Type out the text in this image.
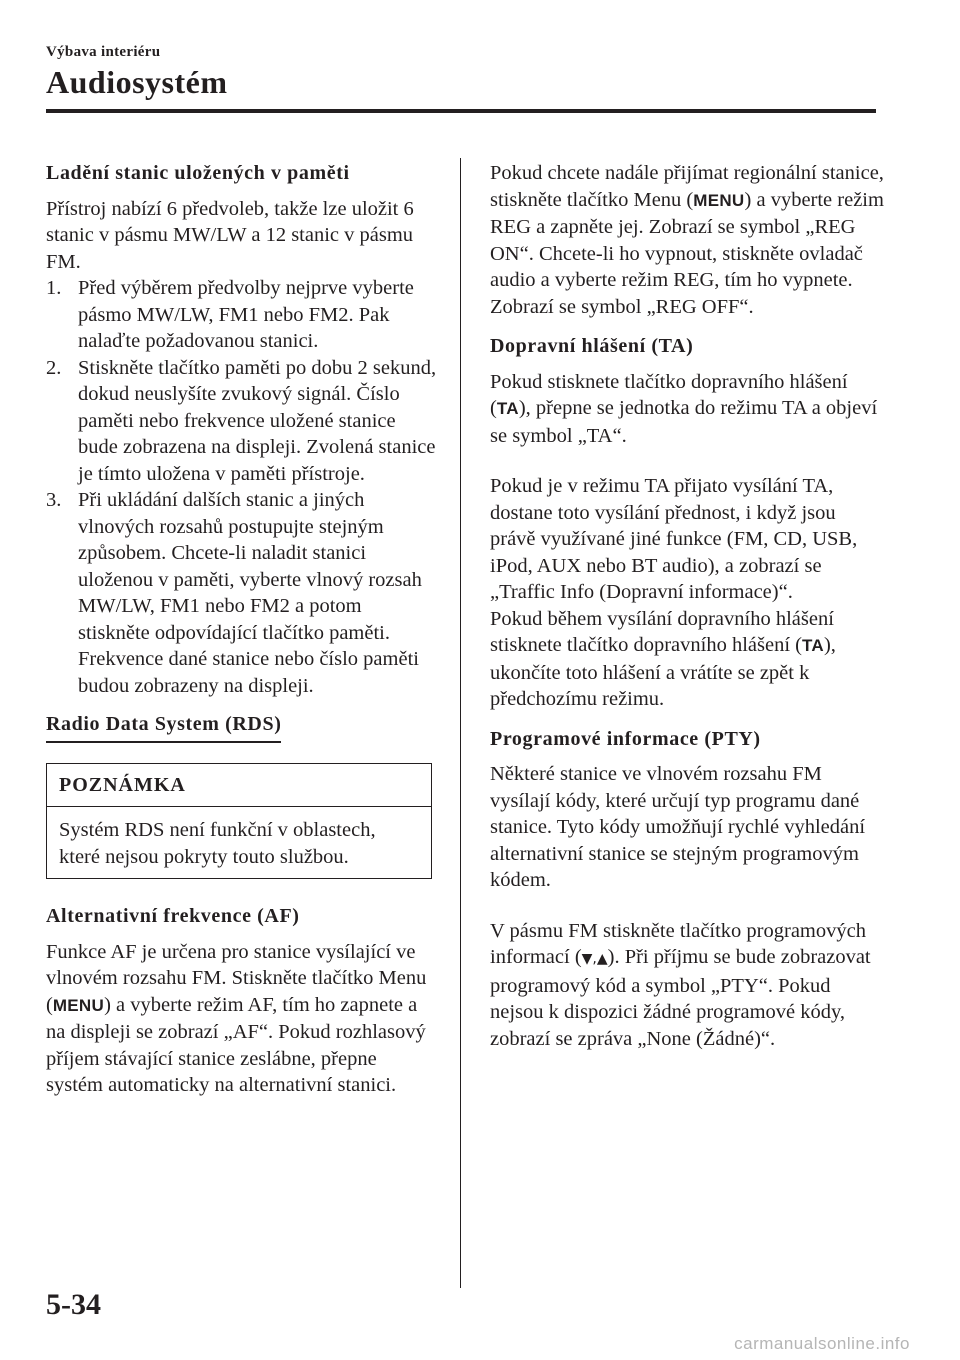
Výbava interiéru
Audiosystém

Ladění stanic uložených v paměti

Přístroj nabízí 6 předvoleb, takže lze uložit 6 stanic v pásmu MW/LW a 12 stanic v pásmu FM.

1. Před výběrem předvolby nejprve vyberte pásmo MW/LW, FM1 nebo FM2. Pak nalaďte požadovanou stanici.
2. Stiskněte tlačítko paměti po dobu 2 sekund, dokud neuslyšíte zvukový signál. Číslo paměti nebo frekvence uložené stanice bude zobrazena na displeji. Zvolená stanice je tímto uložena v paměti přístroje.
3. Při ukládání dalších stanic a jiných vlnových rozsahů postupujte stejným způsobem. Chcete-li naladit stanici uloženou v paměti, vyberte vlnový rozsah MW/LW, FM1 nebo FM2 a potom stiskněte odpovídající tlačítko paměti. Frekvence dané stanice nebo číslo paměti budou zobrazeny na displeji.
Radio Data System (RDS)
POZNÁMKA
Systém RDS není funkční v oblastech, které nejsou pokryty touto službou.

Alternativní frekvence (AF)

Funkce AF je určena pro stanice vysílající ve vlnovém rozsahu FM. Stiskněte tlačítko Menu (MENU) a vyberte režim AF, tím ho zapnete a na displeji se zobrazí „AF“. Pokud rozhlasový příjem stávající stanice zeslábne, přepne systém automaticky na alternativní stanici.

Pokud chcete nadále přijímat regionální stanice, stiskněte tlačítko Menu (MENU) a vyberte režim REG a zapněte jej. Zobrazí se symbol „REG ON“. Chcete-li ho vypnout, stiskněte ovladač audio a vyberte režim REG, tím ho vypnete. Zobrazí se symbol „REG OFF“.

Dopravní hlášení (TA)

Pokud stisknete tlačítko dopravního hlášení (TA), přepne se jednotka do režimu TA a objeví se symbol „TA“.

Pokud je v režimu TA přijato vysílání TA, dostane toto vysílání přednost, i když jsou právě využívané jiné funkce (FM, CD, USB, iPod, AUX nebo BT audio), a zobrazí se „Traffic Info (Dopravní informace)“.

Pokud během vysílání dopravního hlášení stisknete tlačítko dopravního hlášení (TA), ukončíte toto hlášení a vrátíte se zpět k předchozímu režimu.

Programové informace (PTY)

Některé stanice ve vlnovém rozsahu FM vysílají kódy, které určují typ programu dané stanice. Tyto kódy umožňují rychlé vyhledání alternativní stanice se stejným programovým kódem.

V pásmu FM stiskněte tlačítko programových informací (▼,▲). Při příjmu se bude zobrazovat programový kód a symbol „PTY“. Pokud nejsou k dispozici žádné programové kódy, zobrazí se zpráva „None (Žádné)“.

5-34
carmanualsonline.info
